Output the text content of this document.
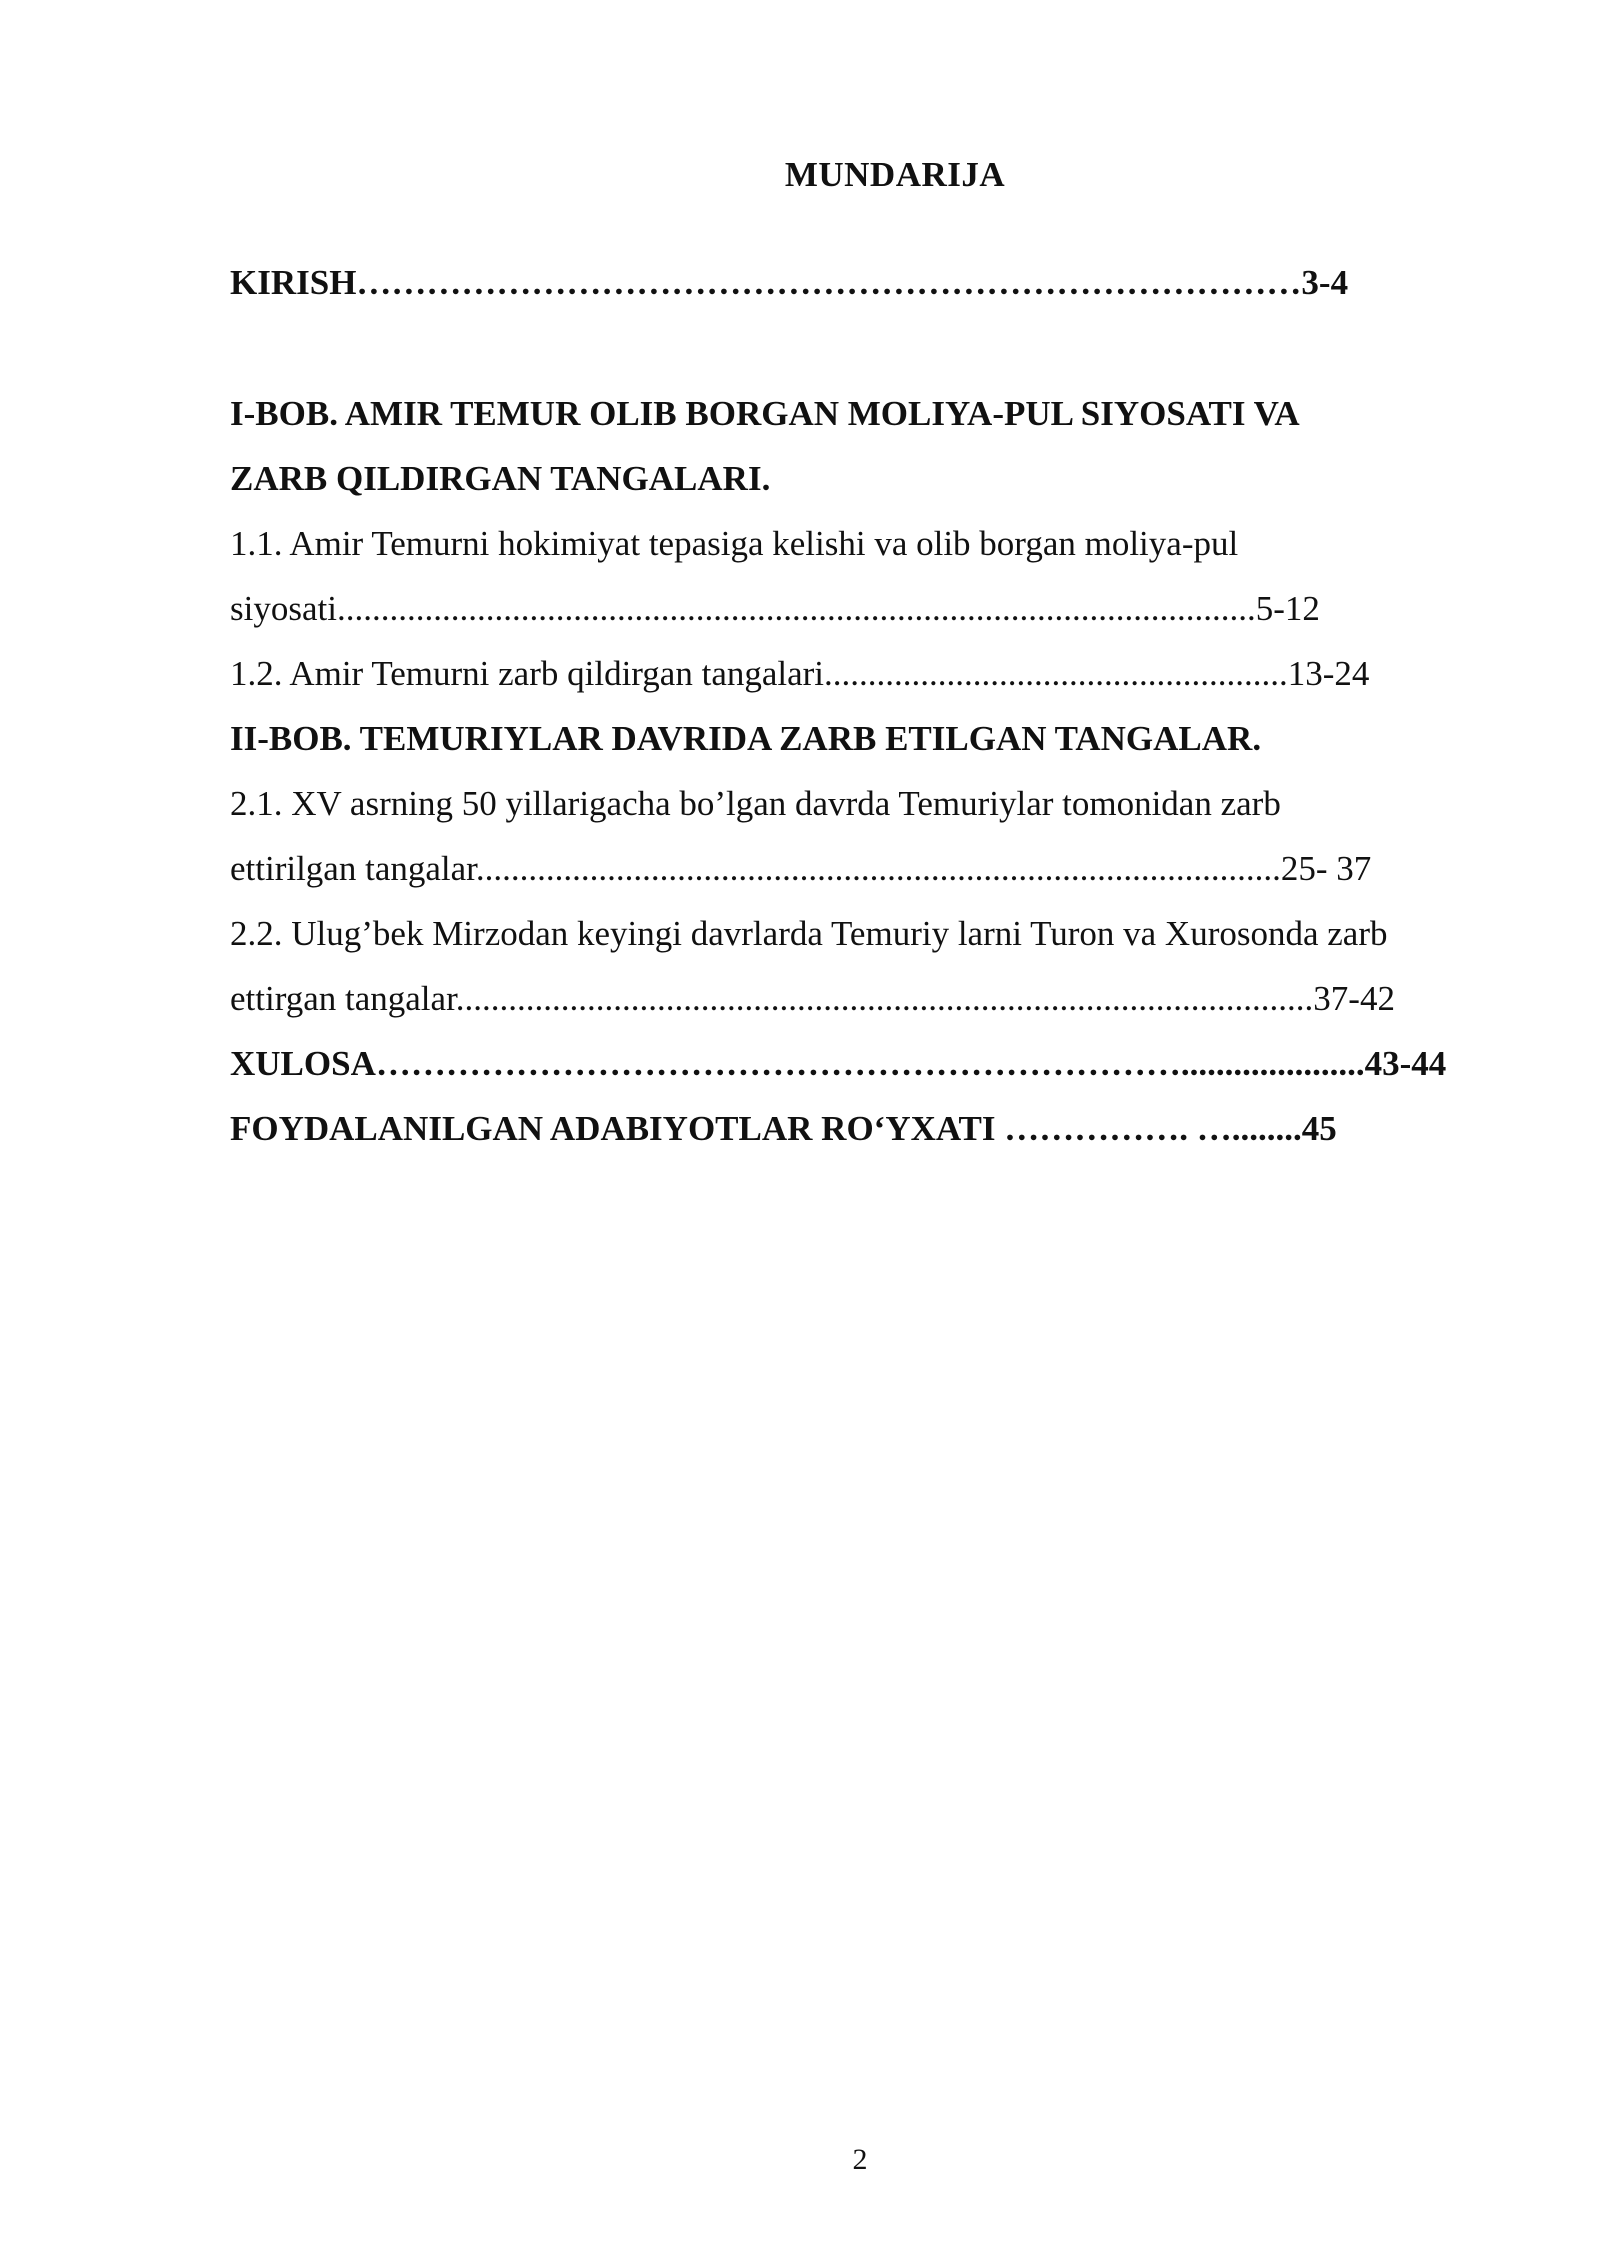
MUNDARIJA
KIRISH………………………………………………………………………3-4
I-BOB. AMIR TEMUR OLIB BORGAN MOLIYA-PUL SIYOSATI VA
ZARB QILDIRGAN TANGALARI.
1.1. Amir Temurni hokimiyat tepasiga kelishi va olib borgan moliya-pul
siyosati.........................................................................................................5-12
1.2. Amir Temurni zarb qildirgan tangalari.....................................................13-24
II-BOB. TEMURIYLAR DAVRIDA ZARB ETILGAN TANGALAR.
2.1. XV asrning 50 yillarigacha bo’lgan davrda Temuriylar tomonidan zarb
ettirilgan tangalar............................................................................................25- 37
2.2. Ulug’bek Mirzodan keyingi davrlarda Temuriy larni Turon va Xurosonda zarb
ettirgan tangalar..................................................................................................37-42
XULOSA…………………………………………………………….....................43-44
FOYDALANILGAN ADABIYOTLAR RO‘YXATI ……………. …........45
2
